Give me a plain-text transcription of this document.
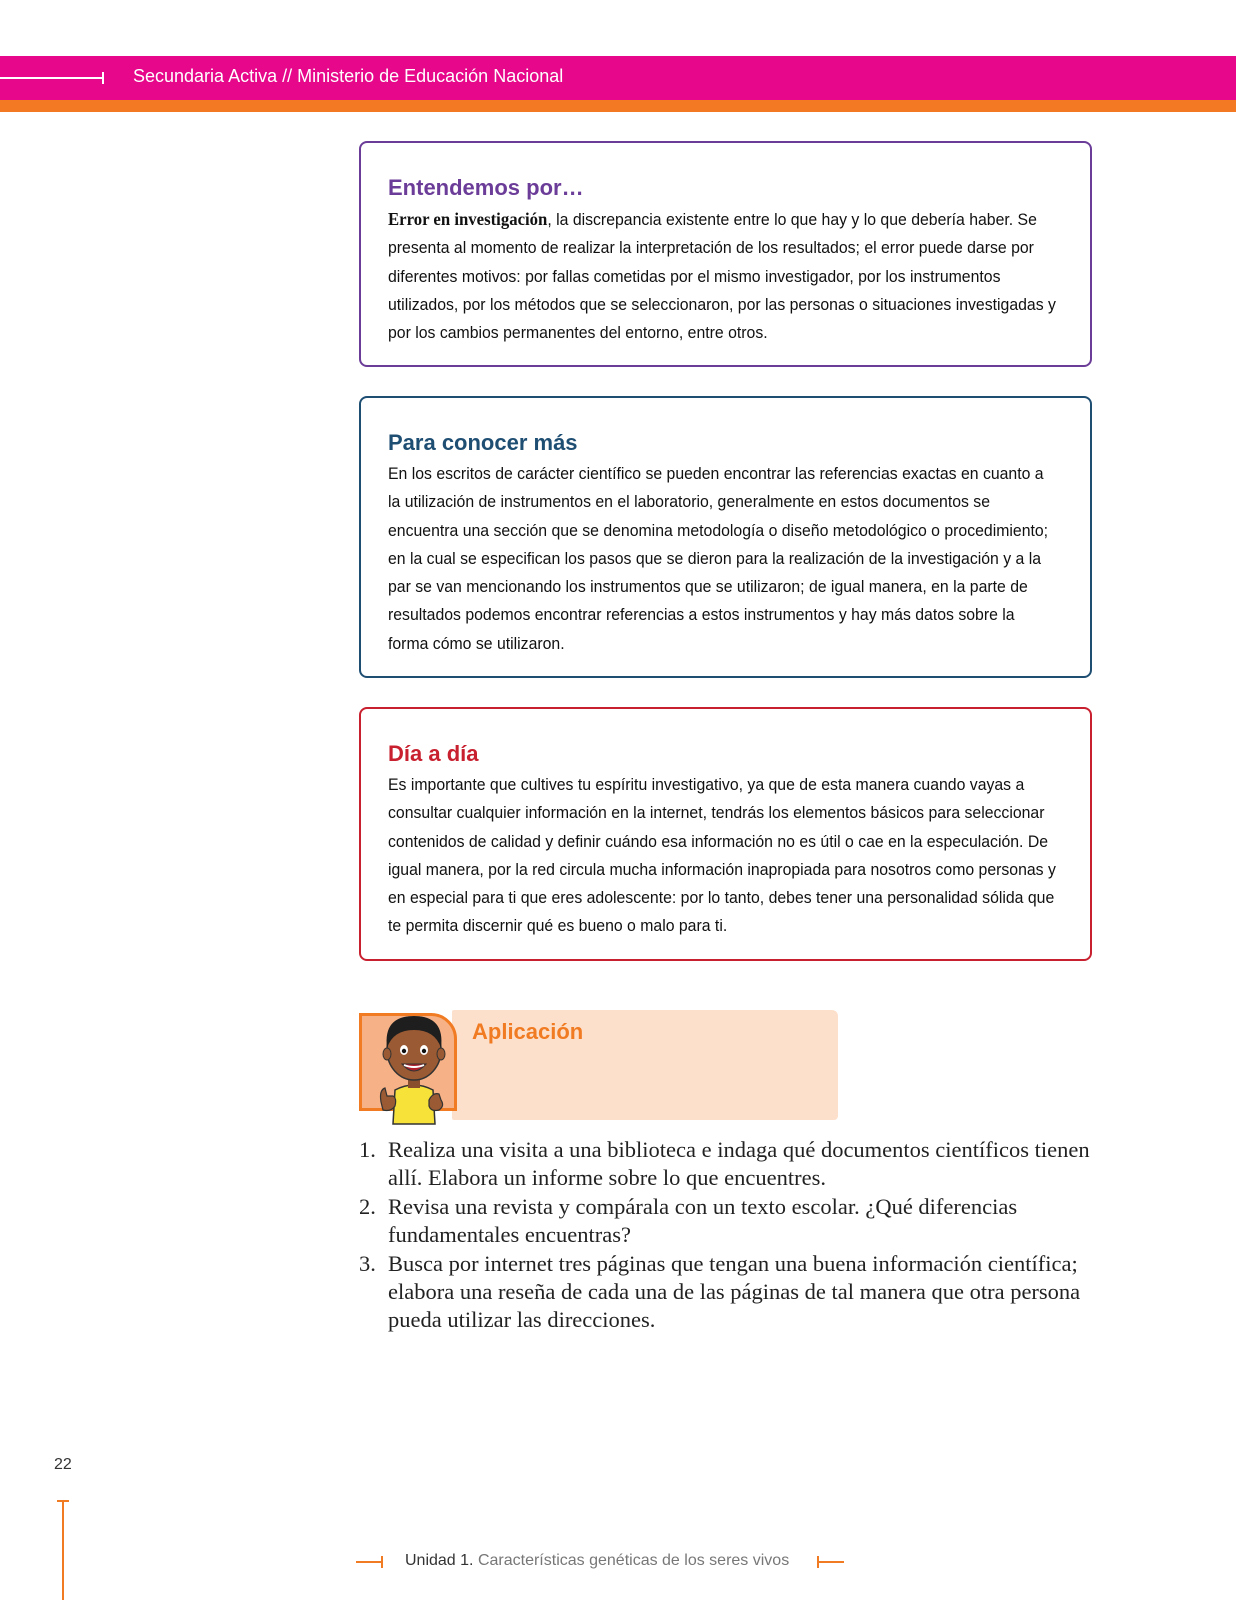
Secundaria Activa // Ministerio de Educación Nacional
Entendemos por…

Error en investigación, la discrepancia existente entre lo que hay y lo que debería haber. Se presenta al momento de realizar la interpretación de los resultados; el error puede darse por diferentes motivos: por fallas cometidas por el mismo investigador, por los instrumentos utilizados, por los métodos que se seleccionaron, por las personas o situaciones investigadas y por los cambios permanentes del entorno, entre otros.

Para conocer más

En los escritos de carácter científico se pueden encontrar las referencias exactas en cuanto a la utilización de instrumentos en el laboratorio, generalmente en estos documentos se encuentra una sección que se denomina metodología o diseño metodológico o procedimiento; en la cual se especifican los pasos que se dieron para la realización de la investigación y a la par se van mencionando los instrumentos que se utilizaron; de igual manera, en la parte de resultados podemos encontrar referencias a estos instrumentos y hay más datos sobre la forma cómo se utilizaron.

Día a día

Es importante que cultives tu espíritu investigativo, ya que de esta manera cuando vayas a consultar cualquier información en la internet, tendrás los elementos básicos para seleccionar contenidos de calidad y definir cuándo esa información no es útil o cae en la especulación. De igual manera, por la red circula mucha información inapropiada para nosotros como personas y en especial para ti que eres adolescente: por lo tanto, debes tener una personalidad sólida que te permita discernir qué es bueno o malo para ti.

Aplicación
1. Realiza una visita a una biblioteca e indaga qué documentos científicos tienen allí. Elabora un informe sobre lo que encuentres.
2. Revisa una revista y compárala con un texto escolar. ¿Qué diferencias fundamentales encuentras?
3. Busca por internet tres páginas que tengan una buena información científica; elabora una reseña de cada una de las páginas de tal manera que otra persona pueda utilizar las direcciones.
22
Unidad 1. Características genéticas de los seres vivos
